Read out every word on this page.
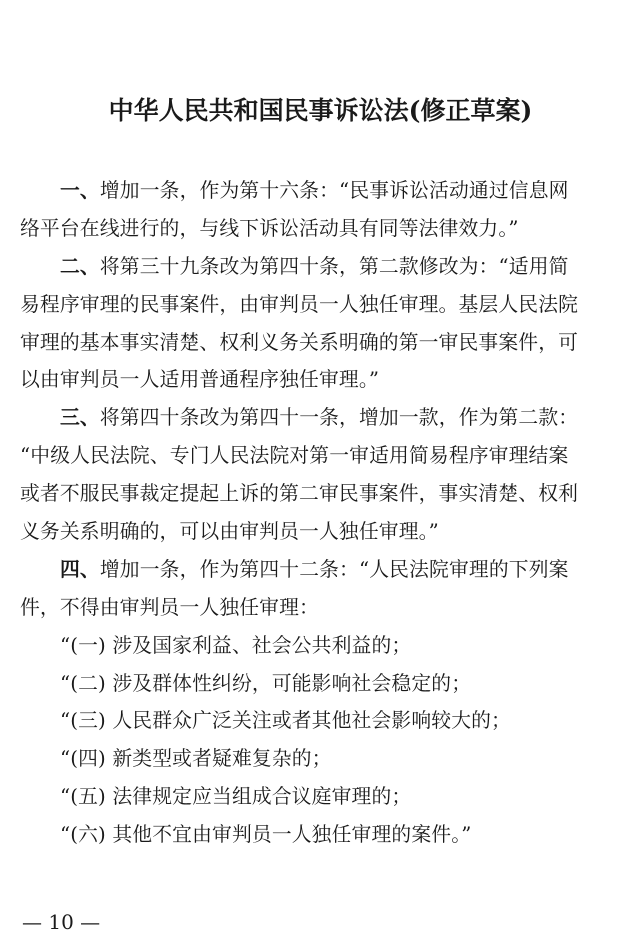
中华人民共和国民事诉讼法(修正草案)
一、增加一条，作为第十六条：“民事诉讼活动通过信息网
络平台在线进行的，与线下诉讼活动具有同等法律效力。”
二、将第三十九条改为第四十条，第二款修改为：“适用简
易程序审理的民事案件，由审判员一人独任审理。基层人民法院
审理的基本事实清楚、权利义务关系明确的第一审民事案件，可
以由审判员一人适用普通程序独任审理。”
三、将第四十条改为第四十一条，增加一款，作为第二款：
“中级人民法院、专门人民法院对第一审适用简易程序审理结案
或者不服民事裁定提起上诉的第二审民事案件，事实清楚、权利
义务关系明确的，可以由审判员一人独任审理。”
四、增加一条，作为第四十二条：“人民法院审理的下列案
件，不得由审判员一人独任审理：
“(一) 涉及国家利益、社会公共利益的；
“(二) 涉及群体性纠纷，可能影响社会稳定的；
“(三) 人民群众广泛关注或者其他社会影响较大的；
“(四) 新类型或者疑难复杂的；
“(五) 法律规定应当组成合议庭审理的；
“(六) 其他不宜由审判员一人独任审理的案件。”
— 10 —
